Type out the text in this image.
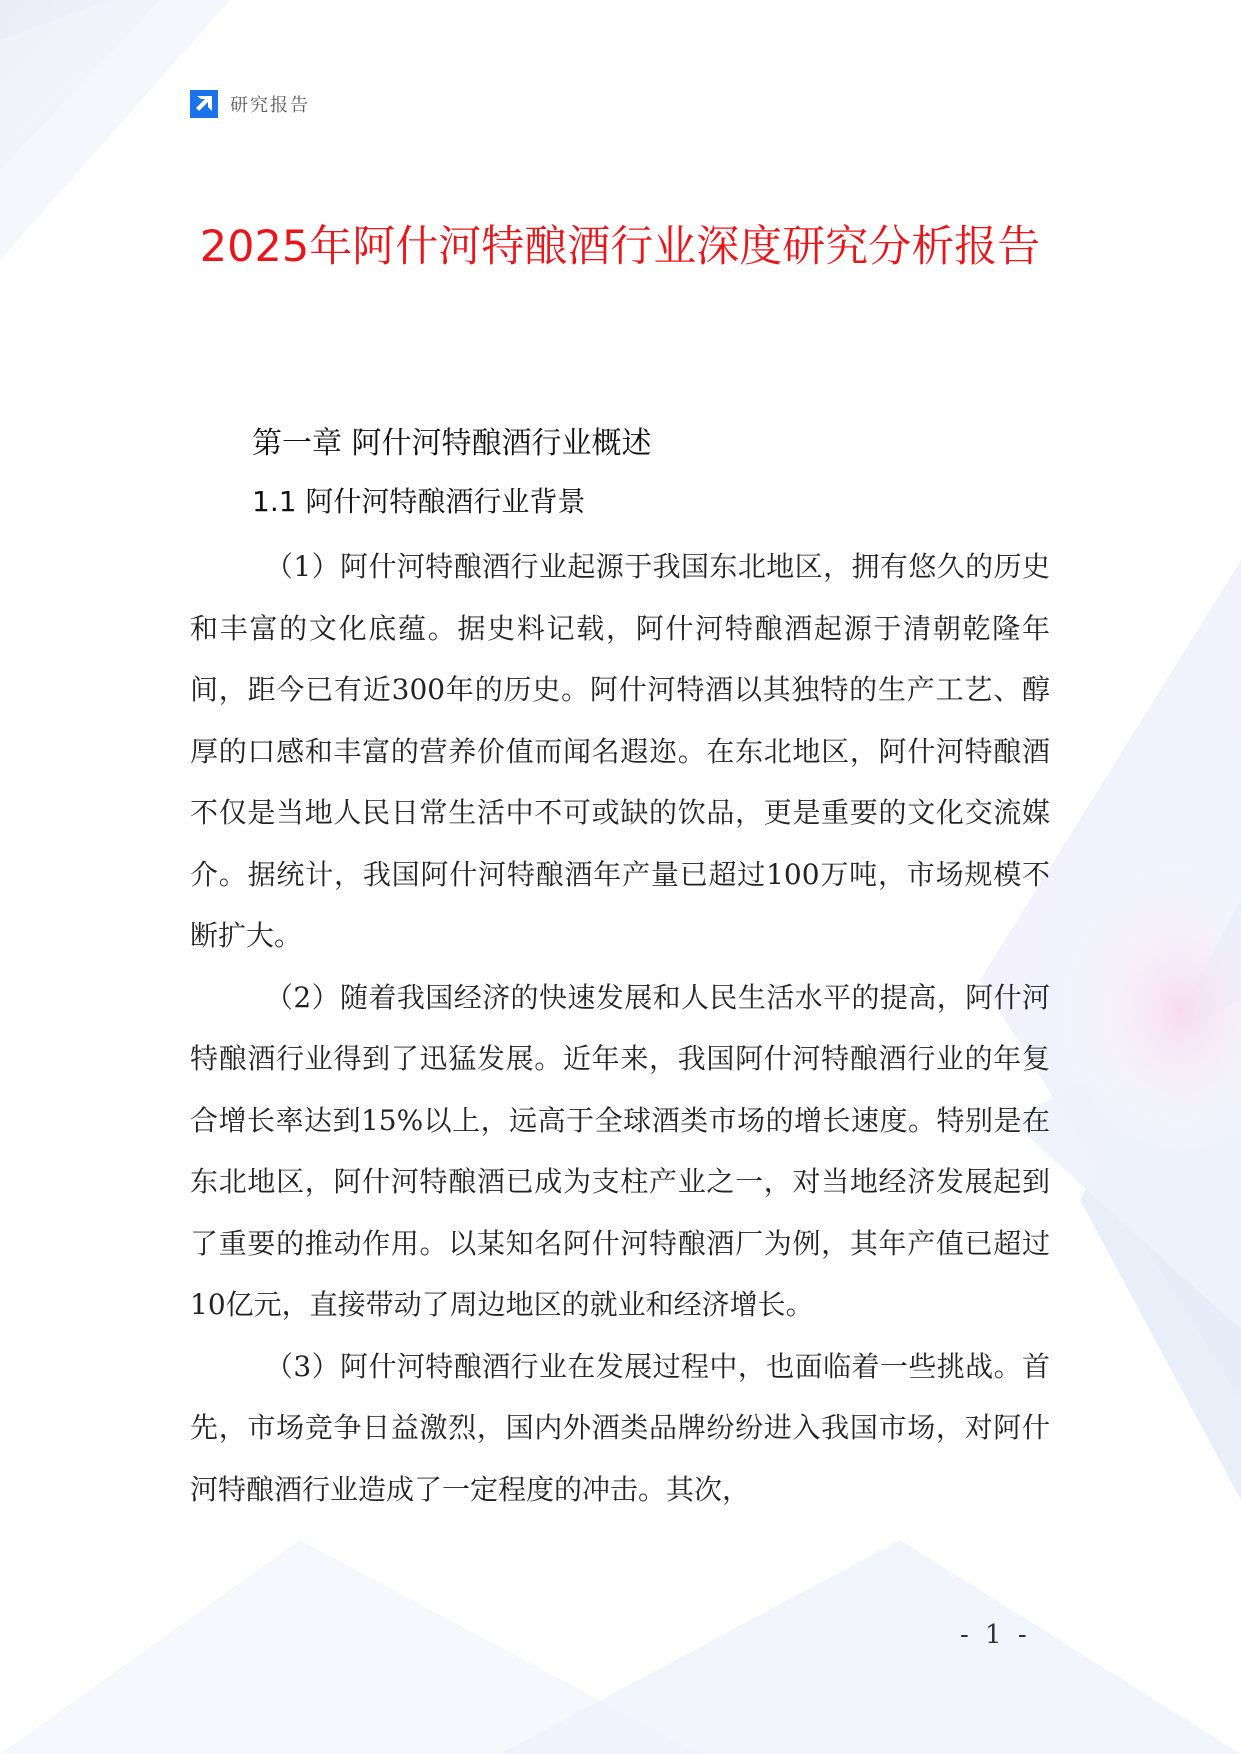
研究报告
2025年阿什河特酿酒行业深度研究分析报告
第一章 阿什河特酿酒行业概述
1.1 阿什河特酿酒行业背景

（1）阿什河特酿酒行业起源于我国东北地区，拥有悠久的历史和丰富的文化底蕴。据史料记载，阿什河特酿酒起源于清朝乾隆年间，距今已有近300年的历史。阿什河特酒以其独特的生产工艺、醇厚的口感和丰富的营养价值而闻名遐迩。在东北地区，阿什河特酿酒不仅是当地人民日常生活中不可或缺的饮品，更是重要的文化交流媒介。据统计，我国阿什河特酿酒年产量已超过100万吨，市场规模不断扩大。

（2）随着我国经济的快速发展和人民生活水平的提高，阿什河特酿酒行业得到了迅猛发展。近年来，我国阿什河特酿酒行业的年复合增长率达到15%以上，远高于全球酒类市场的增长速度。特别是在东北地区，阿什河特酿酒已成为支柱产业之一，对当地经济发展起到了重要的推动作用。以某知名阿什河特酿酒厂为例，其年产值已超过10亿元，直接带动了周边地区的就业和经济增长。

（3）阿什河特酿酒行业在发展过程中，也面临着一些挑战。首先，市场竞争日益激烈，国内外酒类品牌纷纷进入我国市场，对阿什河特酿酒行业造成了一定程度的冲击。其次，

- 1 -
